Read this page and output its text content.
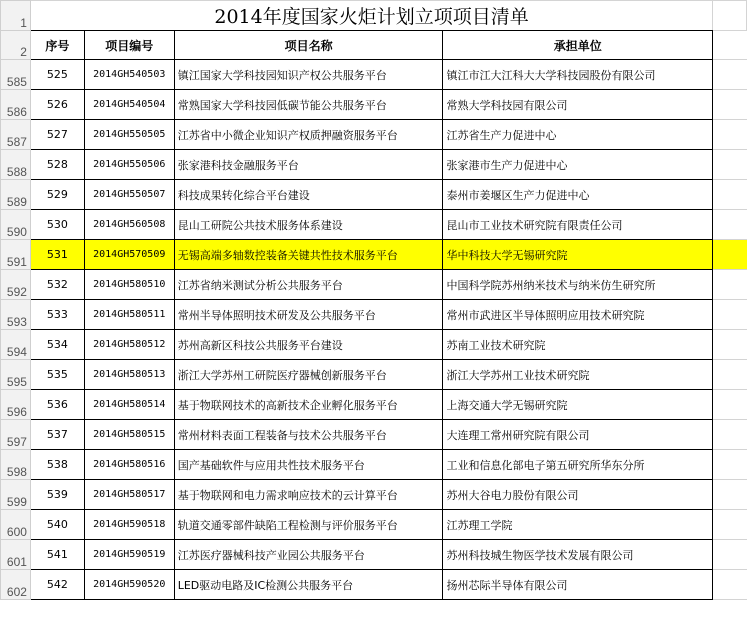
1	2014年度国家火炬计划立项项目清单				
2	序号	项目编号	项目名称	承担单位	
585	525	2014GH540503	镇江国家大学科技园知识产权公共服务平台	镇江市江大江科大大学科技园股份有限公司	
586	526	2014GH540504	常熟国家大学科技园低碳节能公共服务平台	常熟大学科技园有限公司	
587	527	2014GH550505	江苏省中小微企业知识产权质押融资服务平台	江苏省生产力促进中心	
588	528	2014GH550506	张家港科技金融服务平台	张家港市生产力促进中心	
589	529	2014GH550507	科技成果转化综合平台建设	泰州市姜堰区生产力促进中心	
590	530	2014GH560508	昆山工研院公共技术服务体系建设	昆山市工业技术研究院有限责任公司	
591	531	2014GH570509	无锡高端多轴数控装备关键共性技术服务平台	华中科技大学无锡研究院	
592	532	2014GH580510	江苏省纳米测试分析公共服务平台	中国科学院苏州纳米技术与纳米仿生研究所	
593	533	2014GH580511	常州半导体照明技术研发及公共服务平台	常州市武进区半导体照明应用技术研究院	
594	534	2014GH580512	苏州高新区科技公共服务平台建设	苏南工业技术研究院	
595	535	2014GH580513	浙江大学苏州工研院医疗器械创新服务平台	浙江大学苏州工业技术研究院	
596	536	2014GH580514	基于物联网技术的高新技术企业孵化服务平台	上海交通大学无锡研究院	
597	537	2014GH580515	常州材料表面工程装备与技术公共服务平台	大连理工常州研究院有限公司	
598	538	2014GH580516	国产基础软件与应用共性技术服务平台	工业和信息化部电子第五研究所华东分所	
599	539	2014GH580517	基于物联网和电力需求响应技术的云计算平台	苏州大谷电力股份有限公司	
600	540	2014GH590518	轨道交通零部件缺陷工程检测与评价服务平台	江苏理工学院	
601	541	2014GH590519	江苏医疗器械科技产业园公共服务平台	苏州科技城生物医学技术发展有限公司	
602	542	2014GH590520	LED驱动电路及IC检测公共服务平台	扬州芯际半导体有限公司	
